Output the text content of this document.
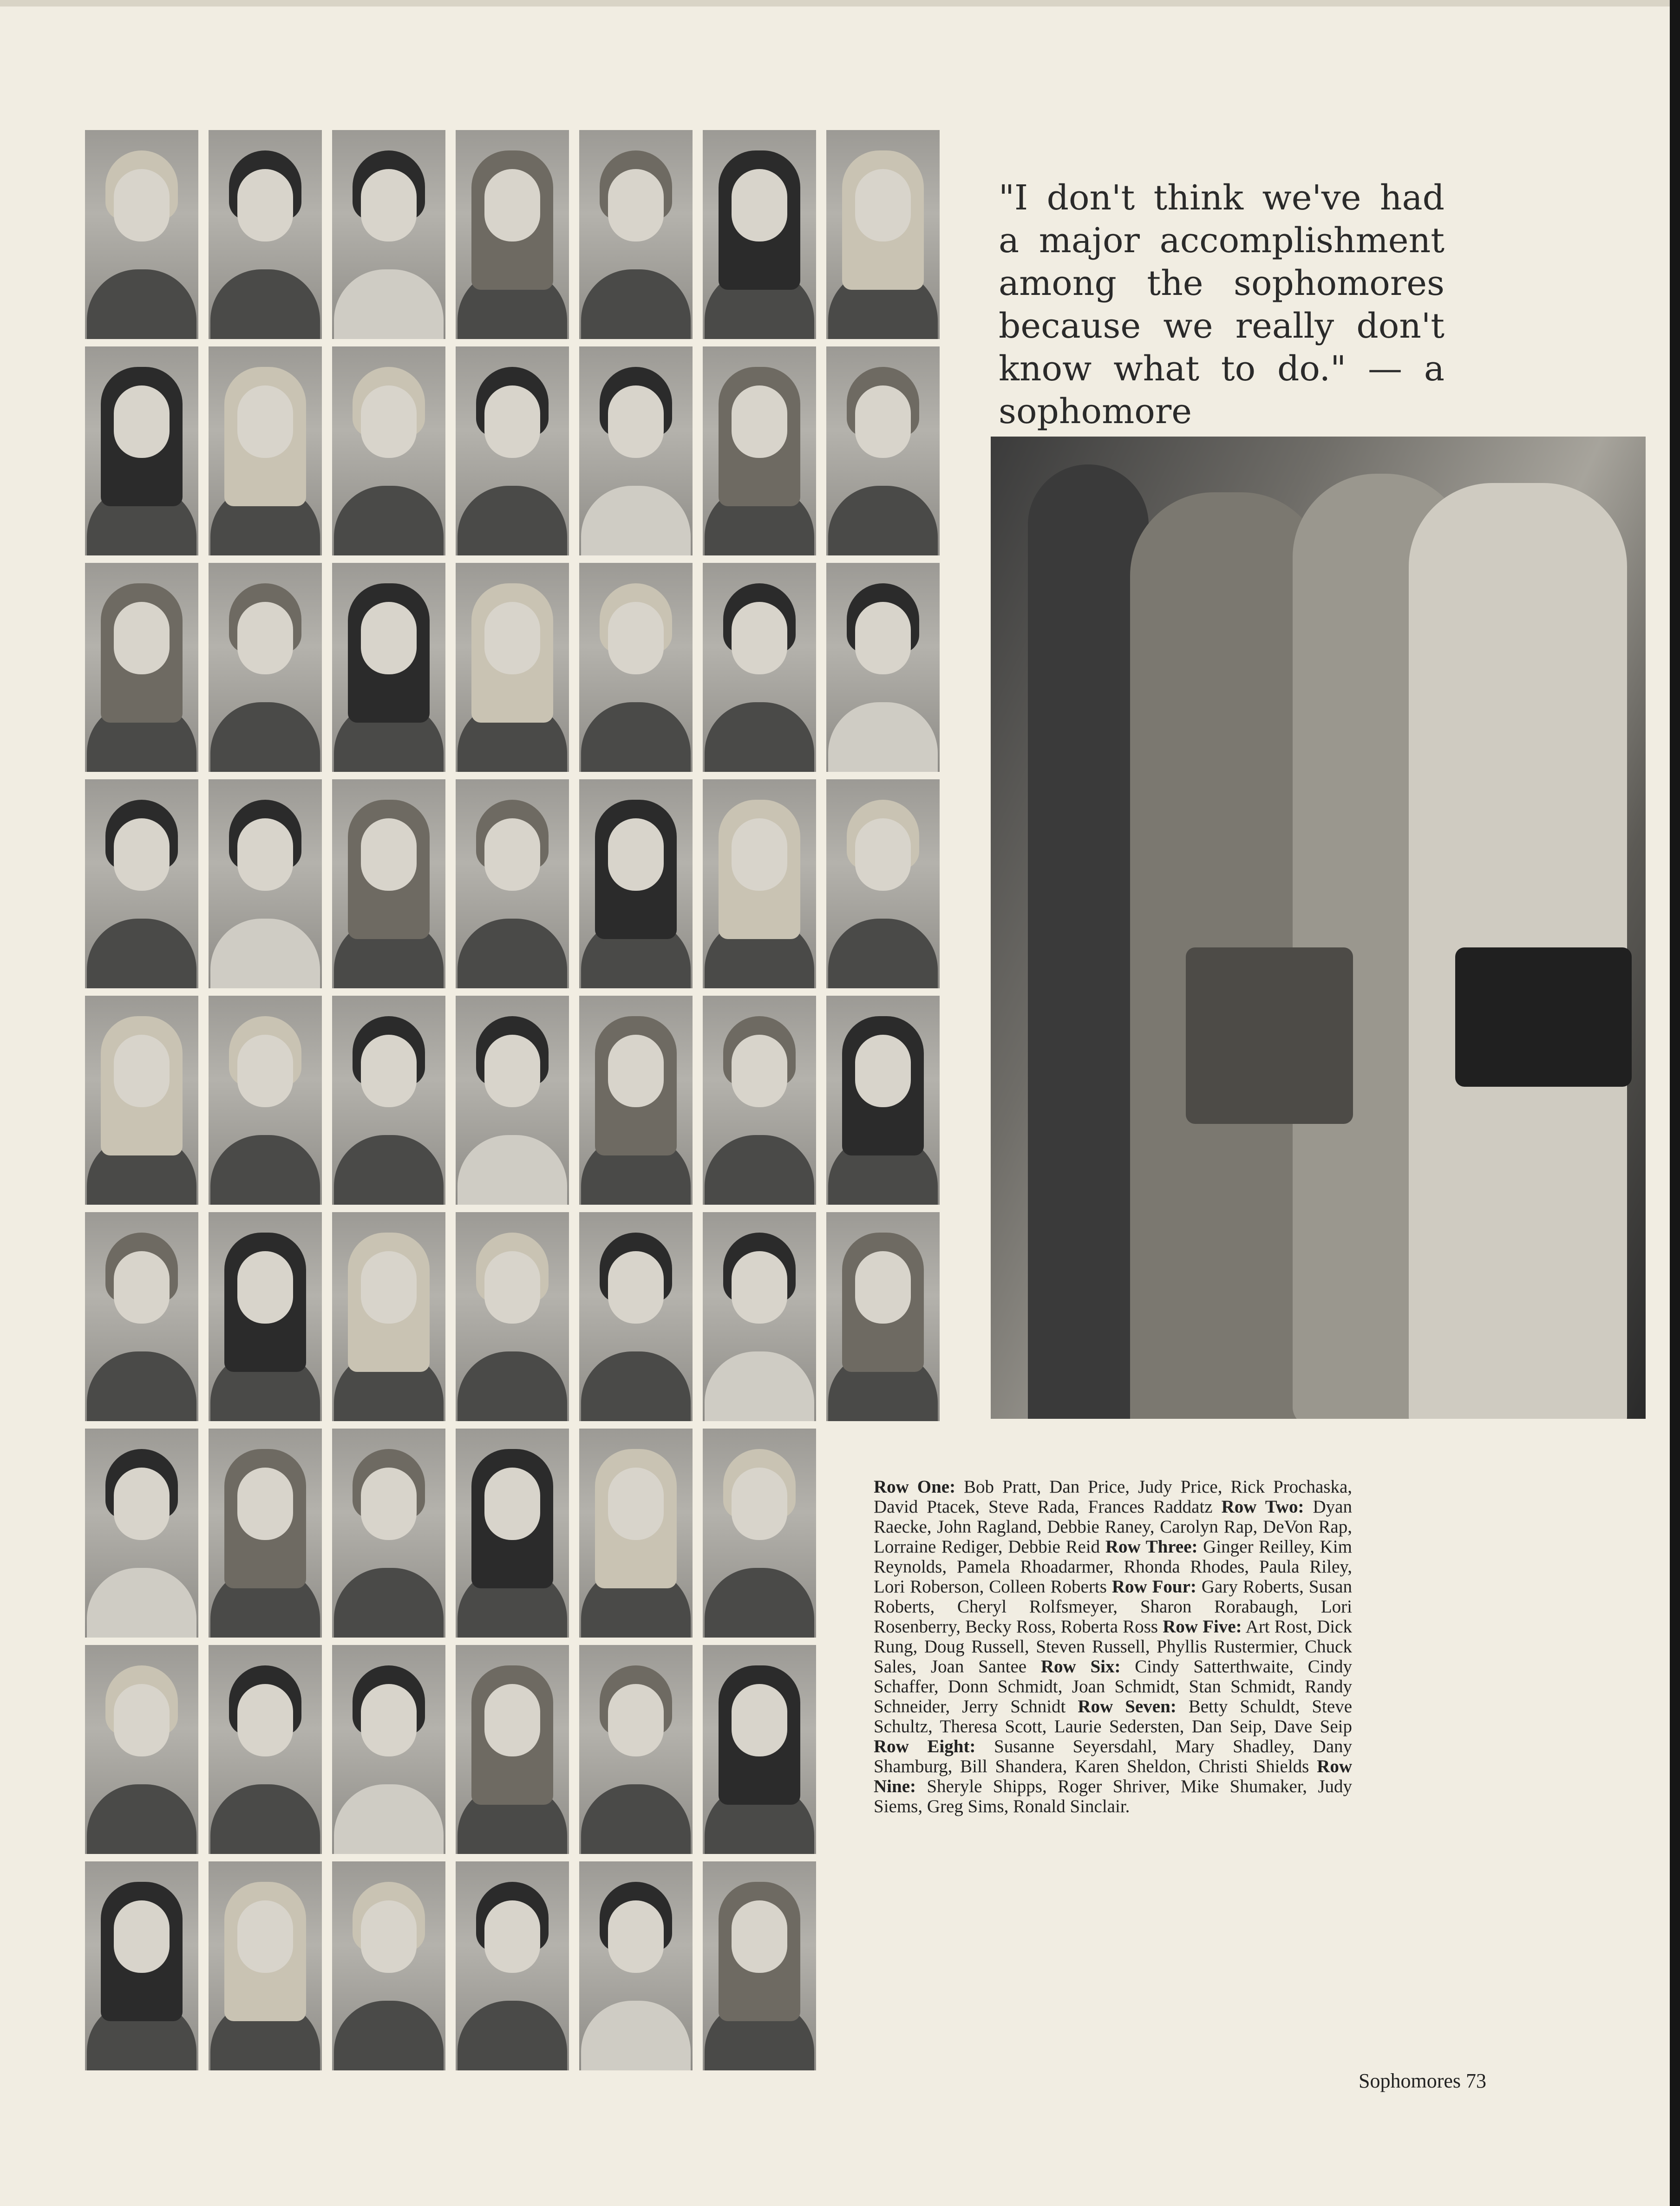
"I don't think we've had a major accomplishment among the sophomores because we really don't know what to do." — a sophomore

Row One: Bob Pratt, Dan Price, Judy Price, Rick Prochaska, David Ptacek, Steve Rada, Frances Raddatz Row Two: Dyan Raecke, John Ragland, Debbie Raney, Carolyn Rap, DeVon Rap, Lorraine Rediger, Debbie Reid Row Three: Ginger Reilley, Kim Reynolds, Pamela Rhoadarmer, Rhonda Rhodes, Paula Riley, Lori Roberson, Colleen Roberts Row Four: Gary Roberts, Susan Roberts, Cheryl Rolfsmeyer, Sharon Rorabaugh, Lori Rosenberry, Becky Ross, Roberta Ross Row Five: Art Rost, Dick Rung, Doug Russell, Steven Russell, Phyllis Rustermier, Chuck Sales, Joan Santee Row Six: Cindy Satterthwaite, Cindy Schaffer, Donn Schmidt, Joan Schmidt, Stan Schmidt, Randy Schneider, Jerry Schnidt Row Seven: Betty Schuldt, Steve Schultz, Theresa Scott, Laurie Sedersten, Dan Seip, Dave Seip Row Eight: Susanne Seyersdahl, Mary Shadley, Dany Shamburg, Bill Shandera, Karen Sheldon, Christi Shields Row Nine: Sheryle Shipps, Roger Shriver, Mike Shumaker, Judy Siems, Greg Sims, Ronald Sinclair.

Sophomores 73
